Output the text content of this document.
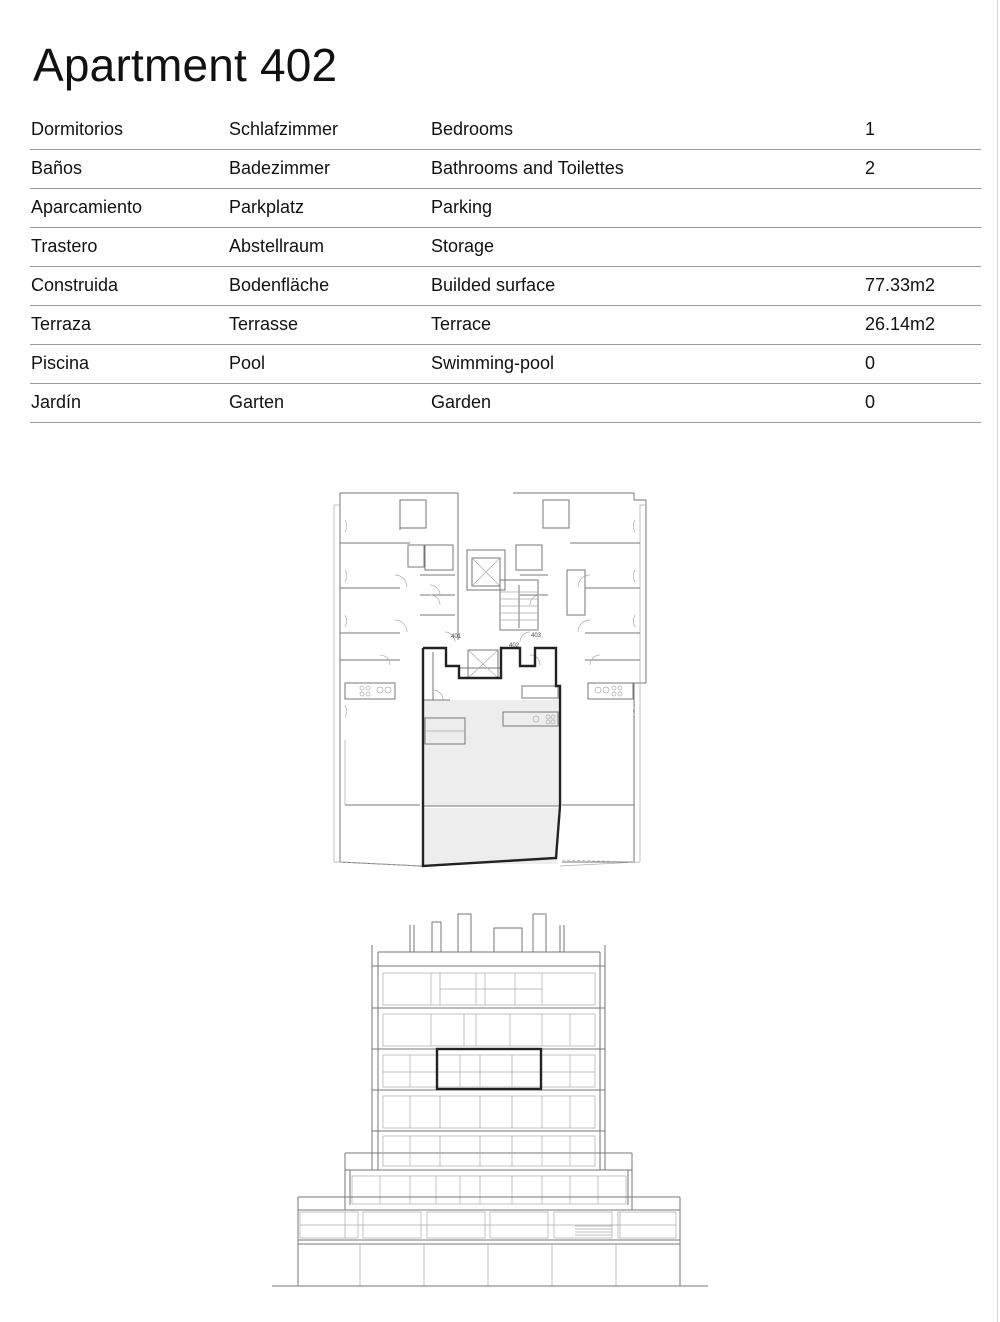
Apartment 402
Dormitorios	Schlafzimmer	Bedrooms	1
Baños	Badezimmer	Bathrooms and Toilettes	2
Aparcamiento	Parkplatz	Parking
Trastero	Abstellraum	Storage
Construida	Bodenfläche	Builded surface	77.33m2
Terraza	Terrasse	Terrace	26.14m2
Piscina	Pool	Swimming-pool	0
Jardín	Garten	Garden	0
401
402
403
